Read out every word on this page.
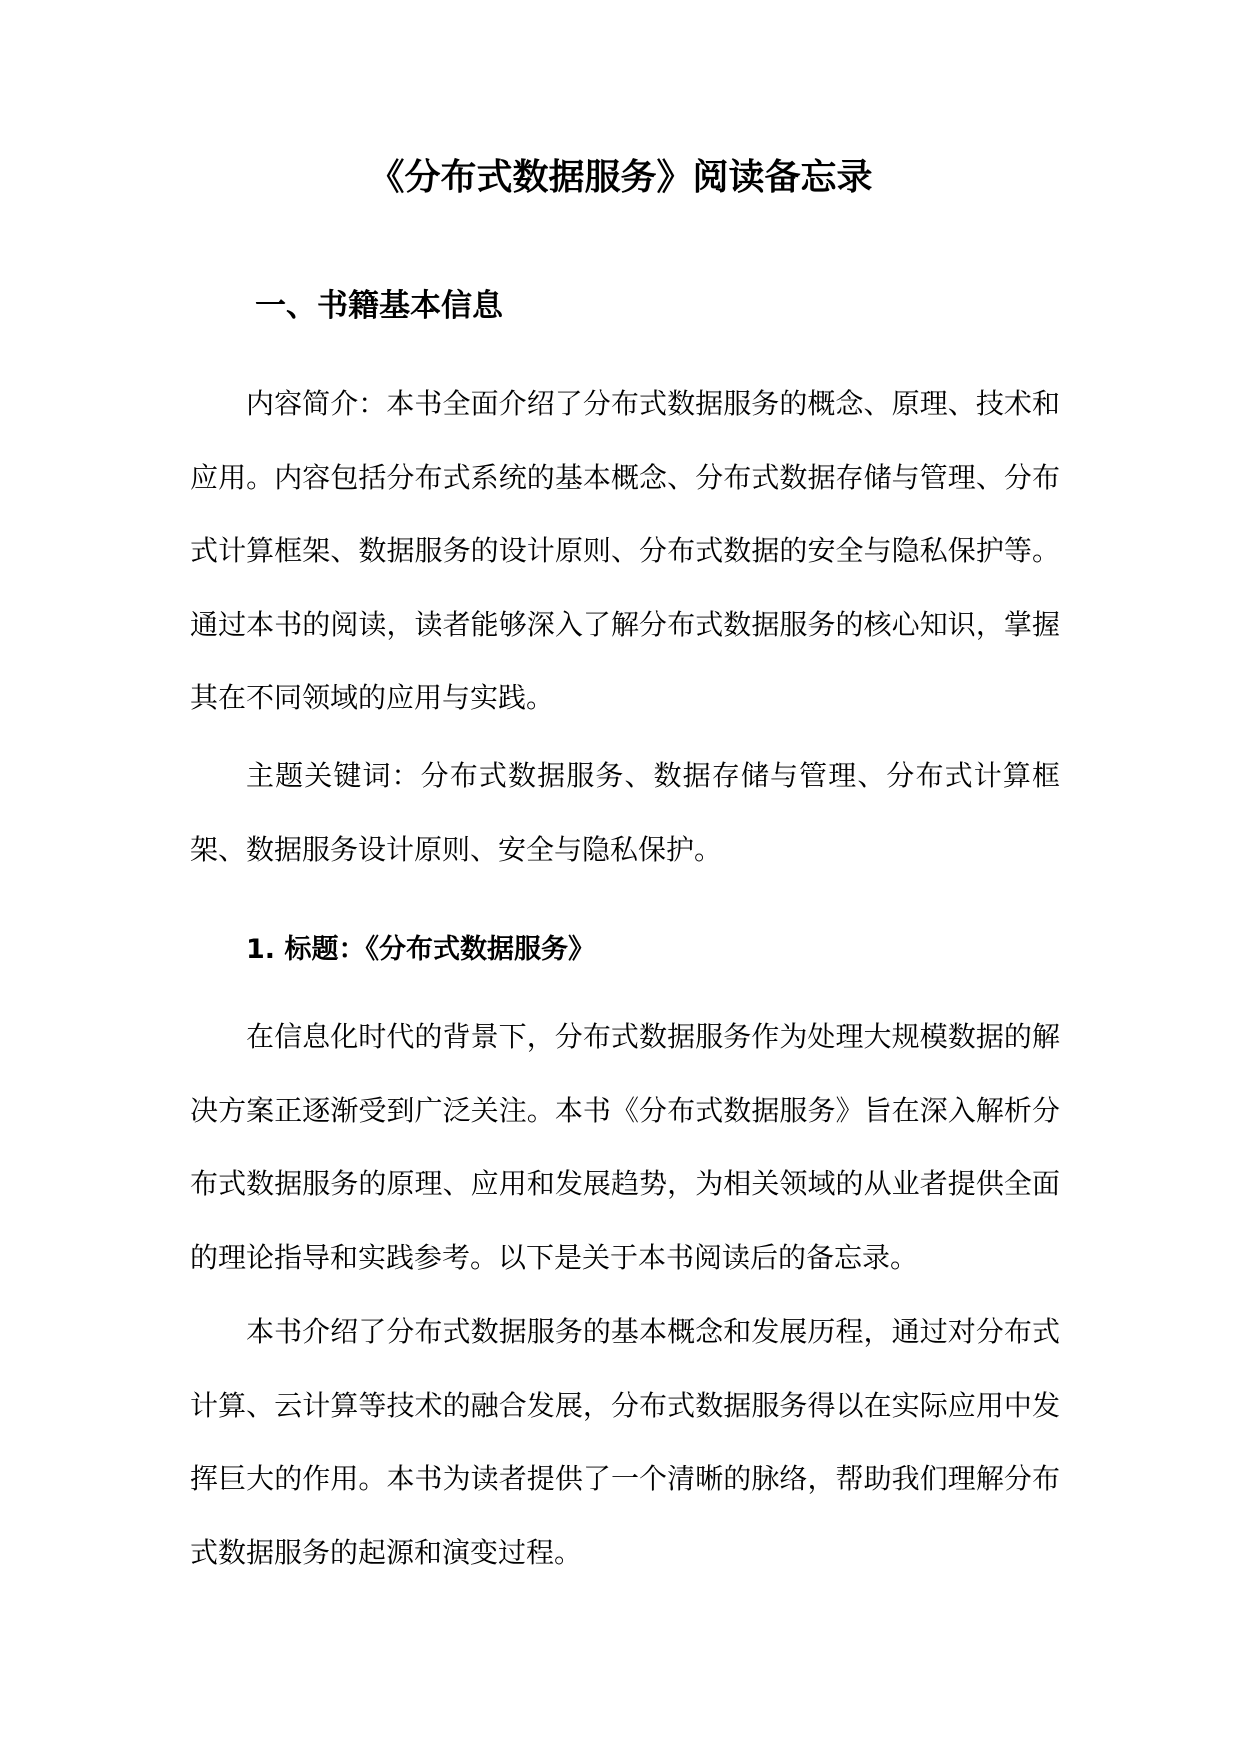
《分布式数据服务》阅读备忘录
一、书籍基本信息

内容简介：本书全面介绍了分布式数据服务的概念、原理、技术和应用。内容包括分布式系统的基本概念、分布式数据存储与管理、分布式计算框架、数据服务的设计原则、分布式数据的安全与隐私保护等。通过本书的阅读，读者能够深入了解分布式数据服务的核心知识，掌握其在不同领域的应用与实践。

主题关键词：分布式数据服务、数据存储与管理、分布式计算框架、数据服务设计原则、安全与隐私保护。

1. 标题：《分布式数据服务》

在信息化时代的背景下，分布式数据服务作为处理大规模数据的解决方案正逐渐受到广泛关注。本书《分布式数据服务》旨在深入解析分布式数据服务的原理、应用和发展趋势，为相关领域的从业者提供全面的理论指导和实践参考。以下是关于本书阅读后的备忘录。

本书介绍了分布式数据服务的基本概念和发展历程，通过对分布式计算、云计算等技术的融合发展，分布式数据服务得以在实际应用中发挥巨大的作用。本书为读者提供了一个清晰的脉络，帮助我们理解分布式数据服务的起源和演变过程。
